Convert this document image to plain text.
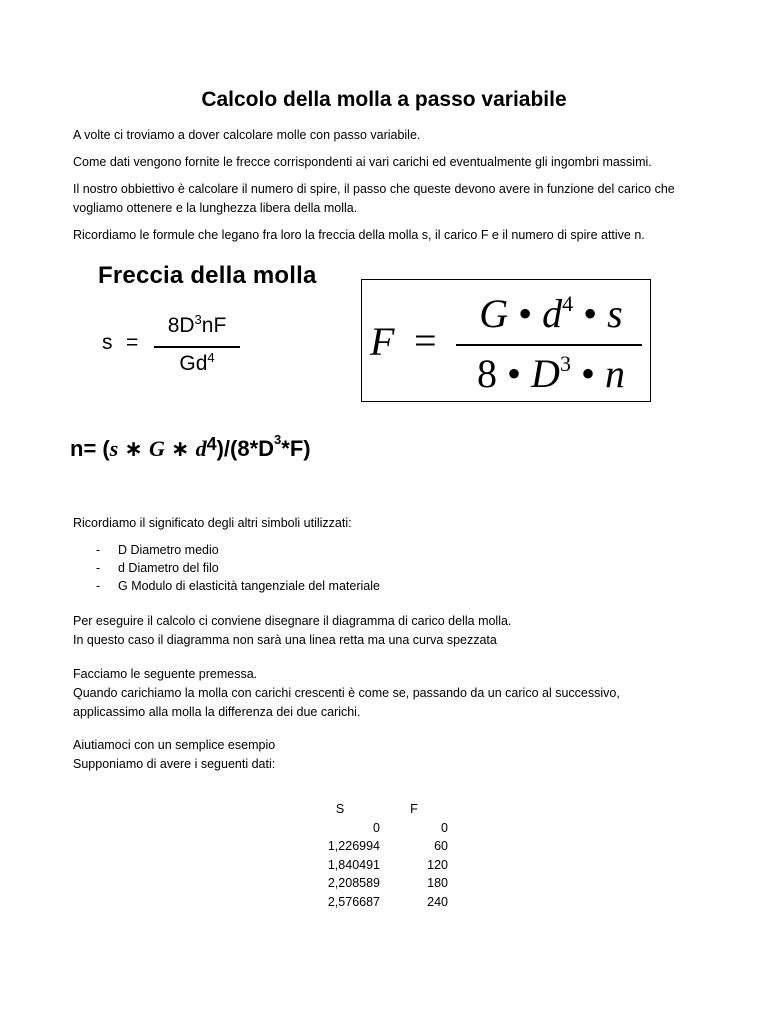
Calcolo della molla a passo variabile
A volte ci troviamo a dover calcolare molle con passo variabile.
Come dati vengono fornite le frecce corrispondenti ai vari carichi ed eventualmente gli ingombri massimi.
Il nostro obbiettivo è calcolare il numero di spire, il passo che queste devono avere in funzione del carico che vogliamo ottenere e la lunghezza libera della molla.
Ricordiamo le formule che legano fra loro la freccia della molla s, il carico F e il numero di spire attive n.
Freccia della molla
s =
$8D^3nF$
Gd$^4$	F =
G • $d^4$ • s
8 • $D^3$ • n
n= (s ∗ G ∗ $d^4)/(8*D^3*F)$
Ricordiamo il significato degli altri simboli utilizzati:
- D Diametro medio
- d Diametro del filo
- G Modulo di elasticità tangenziale del materiale
Per eseguire il calcolo ci conviene disegnare il diagramma di carico della molla.
In questo caso il diagramma non sarà una linea retta ma una curva spezzata
Facciamo le seguente premessa.
Quando carichiamo la molla con carichi crescenti è come se, passando da un carico al successivo,
applicassimo alla molla la differenza dei due carichi.
Aiutiamoci con un semplice esempio
Supponiamo di avere i seguenti dati:
S	F
0	0
1,226994	60
1,840491	120
2,208589	180
2,576687	240
